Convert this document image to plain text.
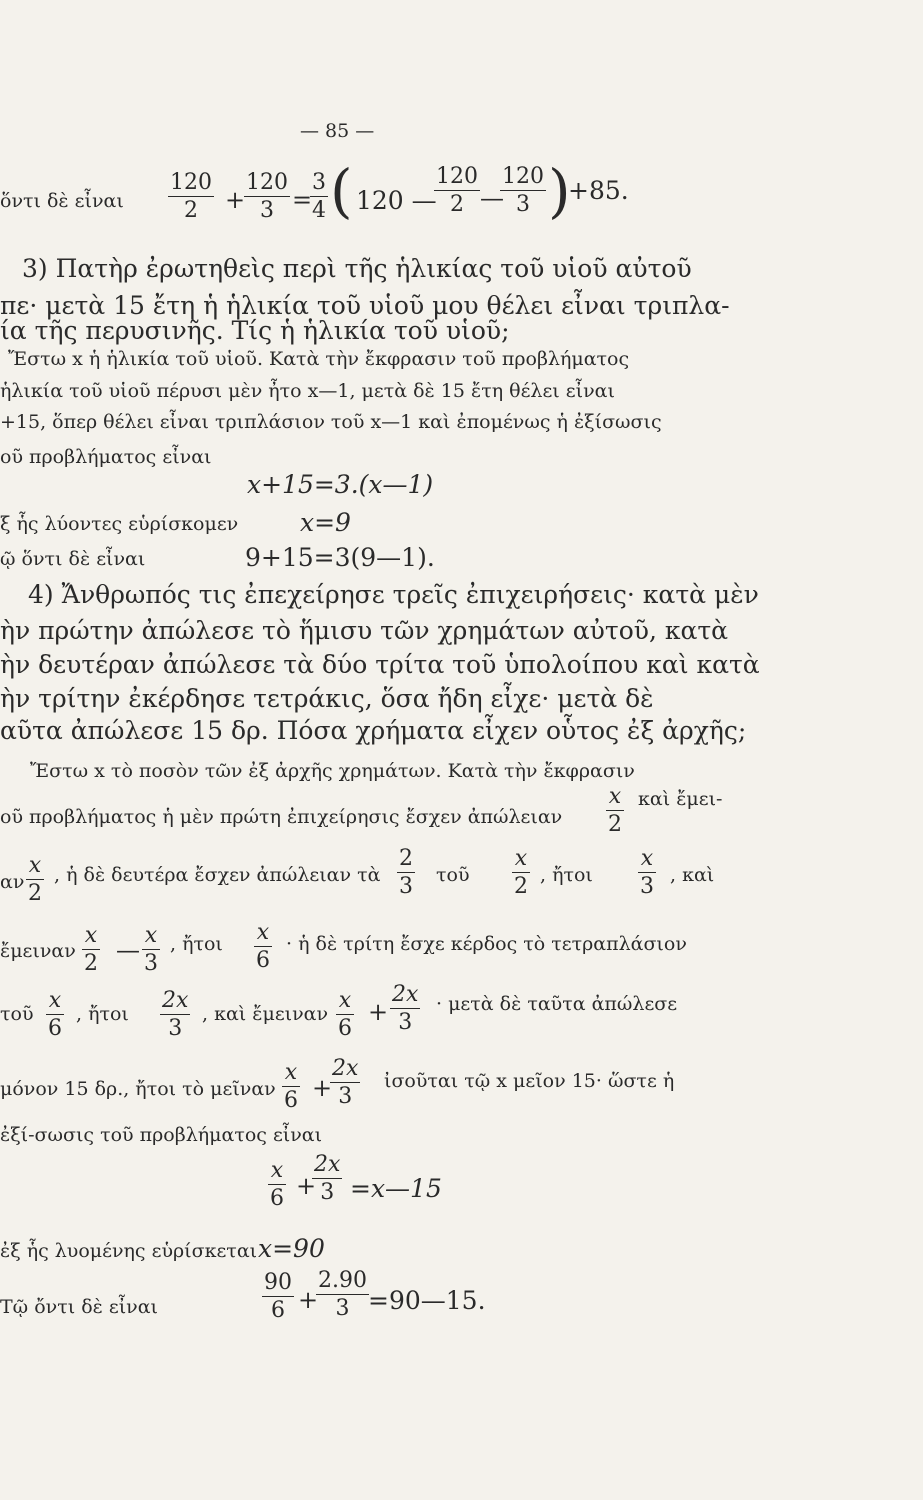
— 85 —
ὅντι δὲ εἶναι
120
2	+
120
3 =
3
4 ( 120 —
120
2 —
120
3 )
+85.
3) Πατὴρ ἐρωτηθεὶς περὶ τῆς ἡλικίας τοῦ υἱοῦ αὐτοῦ
πε· μετὰ 15 ἔτη ἡ ἡλικία τοῦ υἱοῦ μου θέλει εἶναι τριπλα-
ία τῆς περυσινῆς. Τίς ἡ ἡλικία τοῦ υἱοῦ;
Ἔστω x ἡ ἡλικία τοῦ υἱοῦ. Κατὰ τὴν ἔκφρασιν τοῦ προβλήματος
ἡλικία τοῦ υἱοῦ πέρυσι μὲν ἦτο x—1, μετὰ δὲ 15 ἔτη θέλει εἶναι
+15, ὅπερ θέλει εἶναι τριπλάσιον τοῦ x—1 καὶ ἐπομένως ἡ ἐξίσωσις
οῦ προβλήματος εἶναι
x+15=3.(x—1)
ξ ἧς λύοντες εὑρίσκομεν x=9
ῷ ὅντι δὲ εἶναι	9+15=3(9—1).
4) Ἄνθρωπός τις ἐπεχείρησε τρεῖς ἐπιχειρήσεις· κατὰ μὲν
ὴν πρώτην ἀπώλεσε τὸ ἥμισυ τῶν χρημάτων αὐτοῦ, κατὰ
ὴν δευτέραν ἀπώλεσε τὰ δύο τρίτα τοῦ ὑπολοίπου καὶ κατὰ
ὴν τρίτην ἐκέρδησε τετράκις, ὅσα ἤδη εἶχε· μετὰ δὲ
αῦτα ἀπώλεσε 15 δρ. Πόσα χρήματα εἶχεν οὗτος ἐξ ἀρχῆς;
Ἔστω x τὸ ποσὸν τῶν ἐξ ἀρχῆς χρημάτων. Κατὰ τὴν ἔκφρασιν
οῦ προβλήματος ἡ μὲν πρώτη ἐπιχείρησις ἔσχεν ἀπώλειαν
x
2
καὶ ἔμει-
αν
x
2
, ἡ δὲ δευτέρα ἔσχεν ἀπώλειαν τὰ
2
3 τοῦ
x
2 , ἤτοι
x
3 , καὶ
ἔμειναν
x
2 —
x
3
, ἤτοι x
6
· ἡ δὲ τρίτη ἔσχε κέρδος τὸ τετραπλάσιον
τοῦ
x
6
, ἤτοι
2x
3
, καὶ ἔμειναν
x
6
+
2x
3
· μετὰ δὲ ταῦτα ἀπώλεσε
μόνον 15 δρ., ἤτοι τὸ μεῖναν
x
6 +
2x
3
ἰσοῦται τῷ x μεῖον 15· ὥστε ἡ
ἐξί-σωσις τοῦ προβλήματος εἶναι
x
6 +
2x
3 =x—15
ἐξ ἧς λυομένης εὑρίσκεται x=90
Τῷ ὄντι δὲ εἶναι
90
6 +
2.90
3 =90—15.
